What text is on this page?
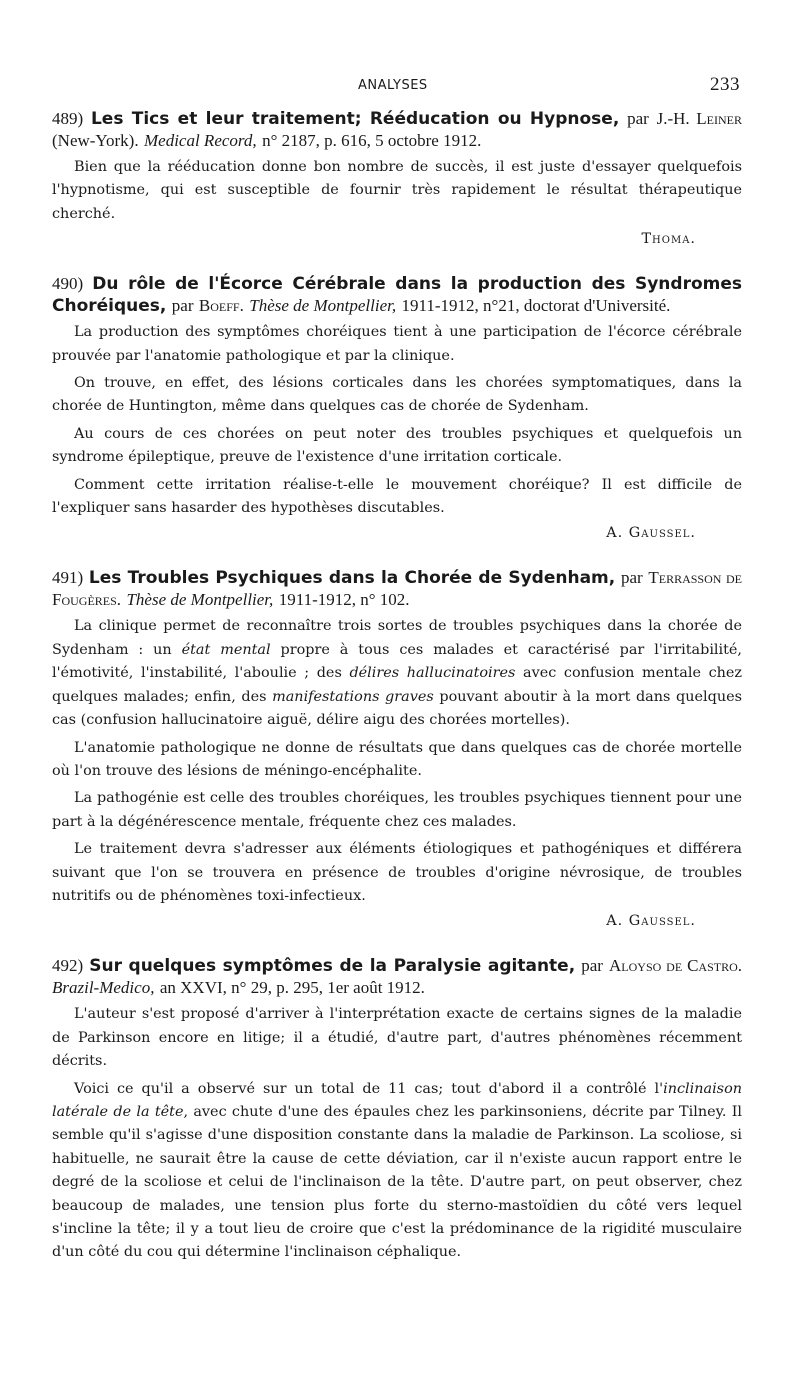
ANALYSES	233
489) Les Tics et leur traitement; Rééducation ou Hypnose, par J.-H. Leiner (New-York). Medical Record, n° 2187, p. 616, 5 octobre 1912.

Bien que la rééducation donne bon nombre de succès, il est juste d'essayer quelquefois l'hypnotisme, qui est susceptible de fournir très rapidement le résultat thérapeutique cherché.

Thoma.
490) Du rôle de l'Écorce Cérébrale dans la production des Syndromes Choréiques, par Boeff. Thèse de Montpellier, 1911-1912, n°21, doctorat d'Université.

La production des symptômes choréiques tient à une participation de l'écorce cérébrale prouvée par l'anatomie pathologique et par la clinique.

On trouve, en effet, des lésions corticales dans les chorées symptomatiques, dans la chorée de Huntington, même dans quelques cas de chorée de Sydenham.

Au cours de ces chorées on peut noter des troubles psychiques et quelquefois un syndrome épileptique, preuve de l'existence d'une irritation corticale.

Comment cette irritation réalise-t-elle le mouvement choréique? Il est difficile de l'expliquer sans hasarder des hypothèses discutables.

A. Gaussel.
491) Les Troubles Psychiques dans la Chorée de Sydenham, par Terrasson de Fougères. Thèse de Montpellier, 1911-1912, n° 102.

La clinique permet de reconnaître trois sortes de troubles psychiques dans la chorée de Sydenham : un état mental propre à tous ces malades et caractérisé par l'irritabilité, l'émotivité, l'instabilité, l'aboulie ; des délires hallucinatoires avec confusion mentale chez quelques malades; enfin, des manifestations graves pouvant aboutir à la mort dans quelques cas (confusion hallucinatoire aiguë, délire aigu des chorées mortelles).

L'anatomie pathologique ne donne de résultats que dans quelques cas de chorée mortelle où l'on trouve des lésions de méningo-encéphalite.

La pathogénie est celle des troubles choréiques, les troubles psychiques tiennent pour une part à la dégénérescence mentale, fréquente chez ces malades.

Le traitement devra s'adresser aux éléments étiologiques et pathogéniques et différera suivant que l'on se trouvera en présence de troubles d'origine névrosique, de troubles nutritifs ou de phénomènes toxi-infectieux.

A. Gaussel.
492) Sur quelques symptômes de la Paralysie agitante, par Aloyso de Castro. Brazil-Medico, an XXVI, n° 29, p. 295, 1er août 1912.

L'auteur s'est proposé d'arriver à l'interprétation exacte de certains signes de la maladie de Parkinson encore en litige; il a étudié, d'autre part, d'autres phénomènes récemment décrits.

Voici ce qu'il a observé sur un total de 11 cas; tout d'abord il a contrôlé l'inclinaison latérale de la tête, avec chute d'une des épaules chez les parkinsoniens, décrite par Tilney. Il semble qu'il s'agisse d'une disposition constante dans la maladie de Parkinson. La scoliose, si habituelle, ne saurait être la cause de cette déviation, car il n'existe aucun rapport entre le degré de la scoliose et celui de l'inclinaison de la tête. D'autre part, on peut observer, chez beaucoup de malades, une tension plus forte du sterno-mastoïdien du côté vers lequel s'incline la tête; il y a tout lieu de croire que c'est la prédominance de la rigidité musculaire d'un côté du cou qui détermine l'inclinaison céphalique.
